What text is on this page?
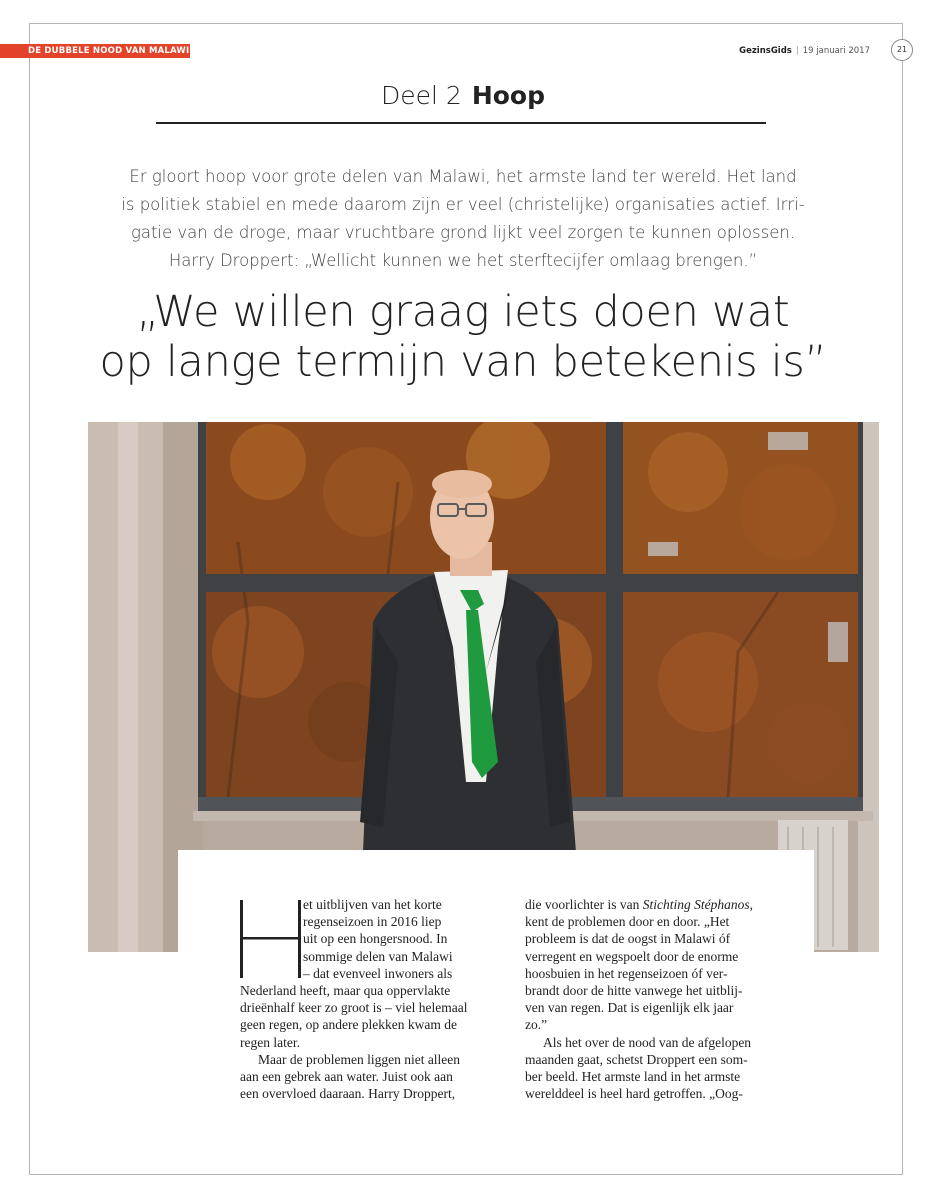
DE DUBBELE NOOD VAN MALAWI	GezinsGids | 19 januari 2017	21
Deel 2 Hoop
Er gloort hoop voor grote delen van Malawi, het armste land ter wereld. Het land
is politiek stabiel en mede daarom zijn er veel (christelijke) organisaties actief. Irri-
gatie van de droge, maar vruchtbare grond lijkt veel zorgen te kunnen oplossen.
Harry Droppert: „Wellicht kunnen we het sterftecijfer omlaag brengen.”
„We willen graag iets doen wat
op lange termijn van betekenis is”
et uitblijven van het korte
regenseizoen in 2016 liep
uit op een hongersnood. In
sommige delen van Malawi
– dat evenveel inwoners als
Nederland heeft, maar qua oppervlakte
drieënhalf keer zo groot is – viel helemaal
geen regen, op andere plekken kwam de
regen later.
Maar de problemen liggen niet alleen
aan een gebrek aan water. Juist ook aan
een overvloed daaraan. Harry Droppert,
die voorlichter is van Stichting Stéphanos,
kent de problemen door en door. „Het
probleem is dat de oogst in Malawi óf
verregent en wegspoelt door de enorme
hoosbuien in het regenseizoen óf ver-
brandt door de hitte vanwege het uitblij-
ven van regen. Dat is eigenlijk elk jaar
zo.”
Als het over de nood van de afgelopen
maanden gaat, schetst Droppert een som-
ber beeld. Het armste land in het armste
werelddeel is heel hard getroffen. „Oog-
